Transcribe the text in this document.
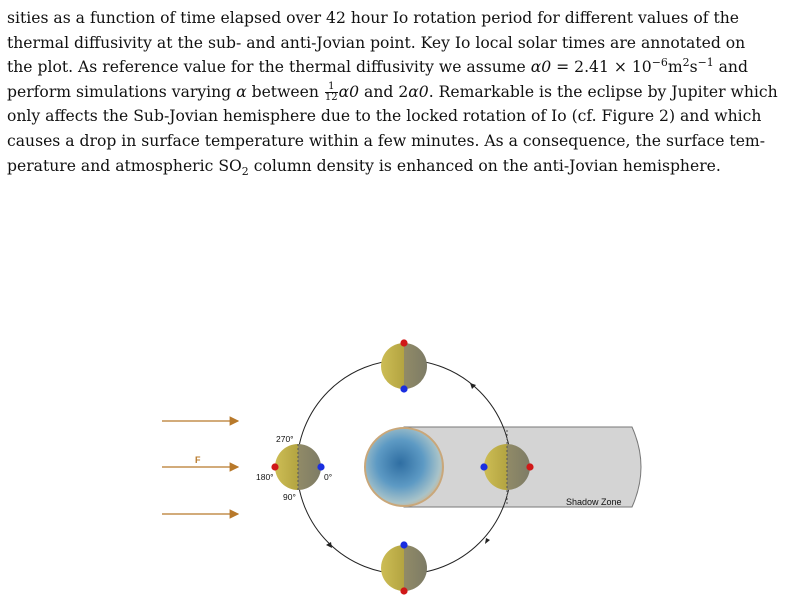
sities as a function of time elapsed over 42 hour Io rotation period for different values of the
thermal diffusivity at the sub- and anti-Jovian point. Key Io local solar times are annotated on
the plot. As reference value for the thermal diffusivity we assume $\alpha 0 = 2.41 \times 10^{-6}m^2s^{-1}$ and
perform simulations varying α between $\frac{1}{12} \alpha 0$ and 2α0. Remarkable is the eclipse by Jupiter which
only affects the Sub-Jovian hemisphere due to the locked rotation of Io (cf. Figure 2) and which
causes a drop in surface temperature within a few minutes. As a consequence, the surface tem-
perature and atmospheric $SO_2$ column density is enhanced on the anti-Jovian hemisphere.

Shadow Zone
F
270°
180°
90°
0°
